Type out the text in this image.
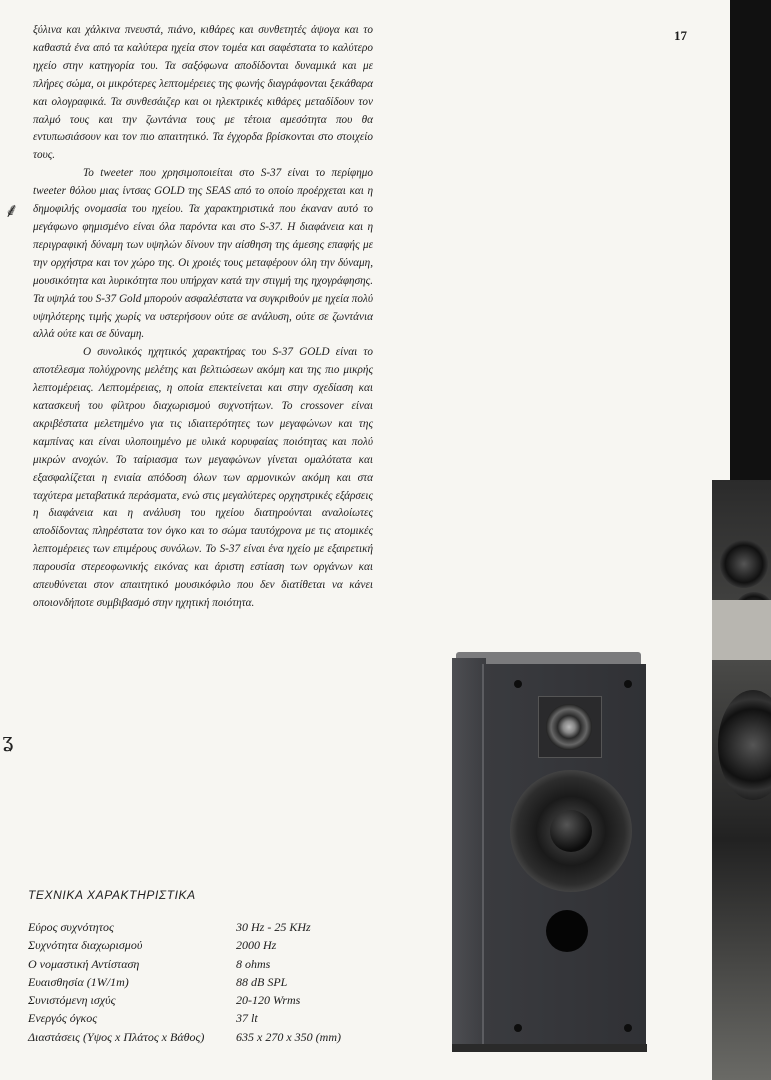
17

ξύλινα και χάλκινα πνευστά, πιάνο, κιθάρες και συνθετητές άψογα και το καθαστά ένα από τα καλύτερα ηχεία στον τομέα και σαφέστατα το καλύτερο ηχείο στην κατηγορία του. Τα σαξόφωνα αποδίδονται δυναμικά και με πλήρες σώμα, οι μικρότερες λεπτομέρειες της φωνής διαγράφονται ξεκάθαρα και ολογραφικά. Τα συνθεσάιζερ και οι ηλεκτρικές κιθάρες μεταδίδουν τον παλμό τους και την ζωντάνια τους με τέτοια αμεσότητα που θα εντυπωσιάσουν και τον πιο απαιτητικό. Τα έγχορδα βρίσκονται στο στοιχείο τους.

Το tweeter που χρησιμοποιείται στο S-37 είναι το περίφημο tweeter θόλου μιας ίντσας GOLD της SEAS από το οποίο προέρχεται και η δημοφιλής ονομασία του ηχείου. Τα χαρακτηριστικά που έκαναν αυτό το μεγάφωνο φημισμένο είναι όλα παρόντα και στο S-37. Η διαφάνεια και η περιγραφική δύναμη των υψηλών δίνουν την αίσθηση της άμεσης επαφής με την ορχήστρα και τον χώρο της. Οι χροιές τους μεταφέρουν όλη την δύναμη, μουσικότητα και λυρικότητα που υπήρχαν κατά την στιγμή της ηχογράφησης. Τα υψηλά του S-37 Gold μπορούν ασφαλέστατα να συγκριθούν με ηχεία πολύ υψηλότερης τιμής χωρίς να υστερήσουν ούτε σε ανάλυση, ούτε σε ζωντάνια αλλά ούτε και σε δύναμη.

Ο συνολικός ηχητικός χαρακτήρας του S-37 GOLD είναι το αποτέλεσμα πολύχρονης μελέτης και βελτιώσεων ακόμη και της πιο μικρής λεπτομέρειας. Λεπτομέρειας, η οποία επεκτείνεται και στην σχεδίαση και κατασκευή του φίλτρου διαχωρισμού συχνοτήτων. Το crossover είναι ακριβέστατα μελετημένο για τις ιδιαιτερότητες των μεγαφώνων και της καμπίνας και είναι υλοποιημένο με υλικά κορυφαίας ποιότητας και πολύ μικρών ανοχών. Το ταίριασμα των μεγαφώνων γίνεται ομαλότατα και εξασφαλίζεται η ενιαία απόδοση όλων των αρμονικών ακόμη και στα ταχύτερα μεταβατικά περάσματα, ενώ στις μεγαλύτερες ορχηστρικές εξάρσεις η διαφάνεια και η ανάλυση του ηχείου διατηρούνται αναλοίωτες αποδίδοντας πληρέστατα τον όγκο και το σώμα ταυτόχρονα με τις ατομικές λεπτομέρειες των επιμέρους συνόλων. Το S-37 είναι ένα ηχείο με εξαιρετική παρουσία στερεοφωνικής εικόνας και άριστη εστίαση των οργάνων και απευθύνεται στον απαιτητικό μουσικόφιλο που δεν διατίθεται να κάνει οποιονδήποτε συμβιβασμό στην ηχητική ποιότητα.

⸙
ʓ
ΤΕΧΝΙΚΑ ΧΑΡΑΚΤΗΡΙΣΤΙΚΑ
Εύρος συχνότητος	30 Hz - 25 KHz
Συχνότητα διαχωρισμού	2000 Hz
Ο νομαστική Αντίσταση	8 ohms
Ευαισθησία (1W/1m)	88 dB SPL
Συνιστόμενη ισχύς	20-120 Wrms
Ενεργός όγκος	37 lt
Διαστάσεις (Υψος x Πλάτος x Βάθος)	635 x 270 x 350 (mm)
